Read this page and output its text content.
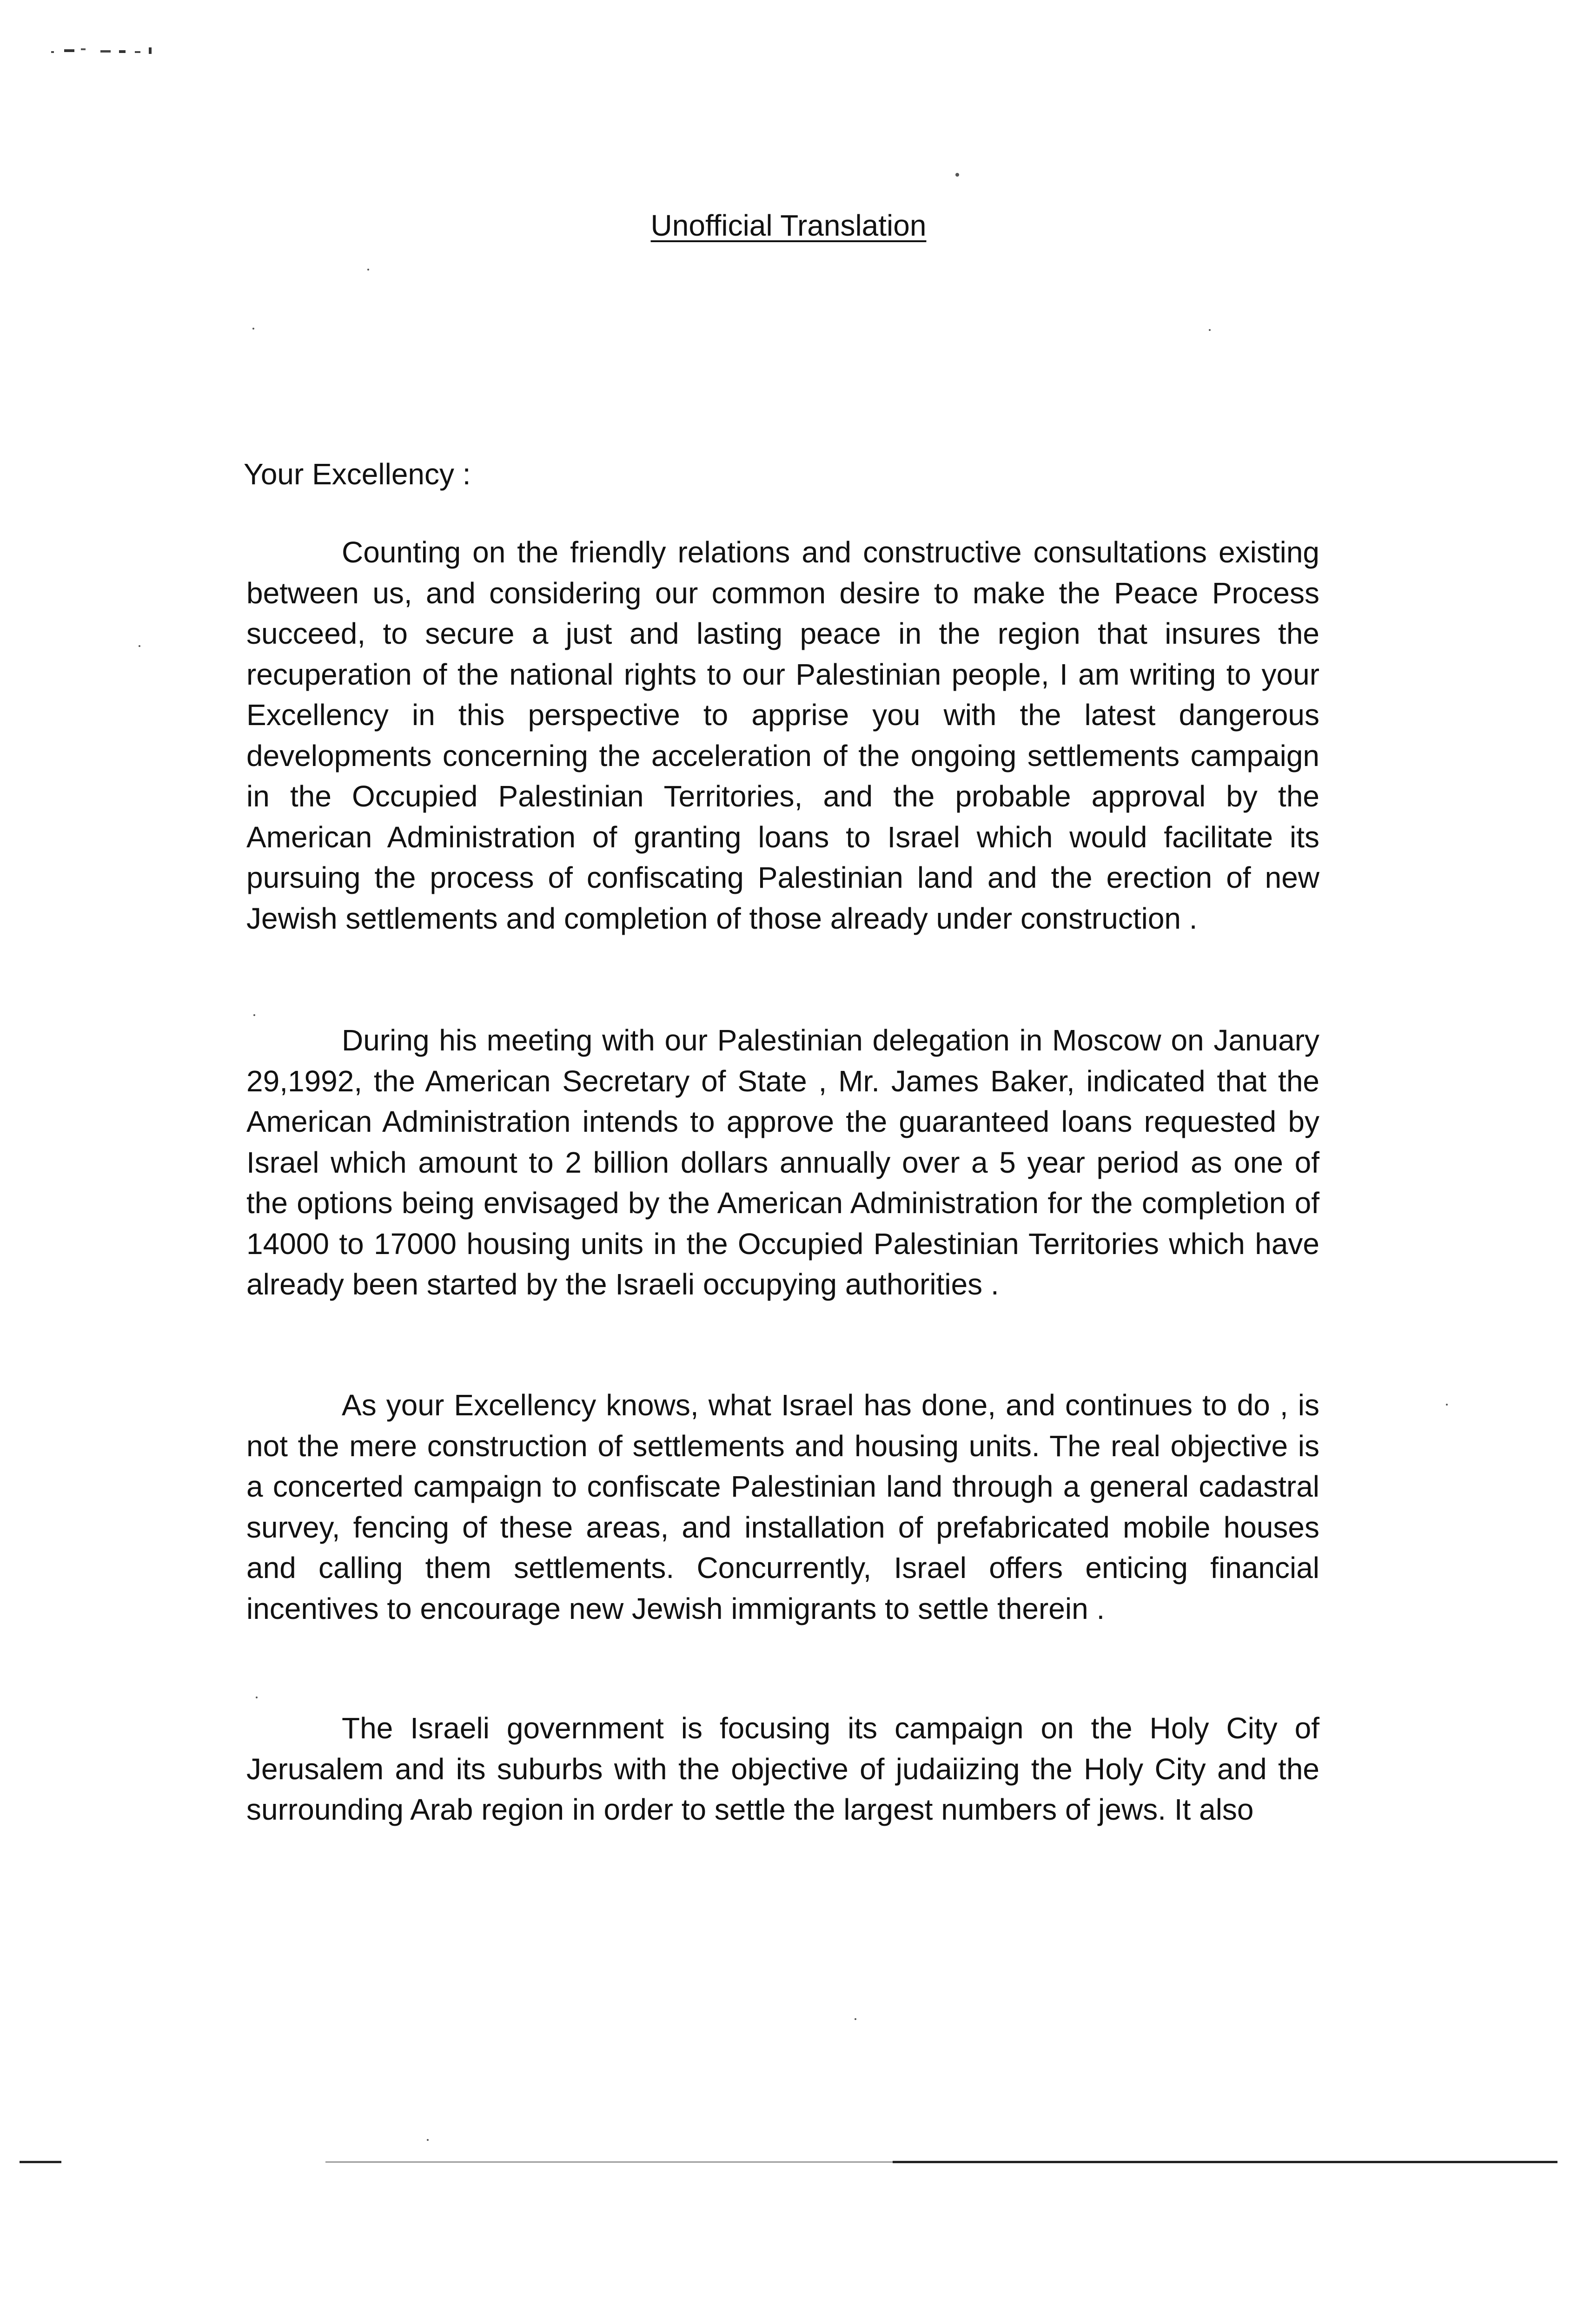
Unofficial Translation
Your Excellency :

Counting on the friendly relations and constructive consultations existing between us, and considering our common desire to make the Peace Process succeed, to secure a just and lasting peace in the region that insures the recuperation of the national rights to our Palestinian people, I am writing to your Excellency in this perspective to apprise you with the latest dangerous developments concerning the acceleration of the ongoing settlements campaign in the Occupied Palestinian Territories, and the probable approval by the American Administration of granting loans to Israel which would facilitate its pursuing the process of confiscating Palestinian land and the erection of new Jewish settlements and completion of those already under construction .

During his meeting with our Palestinian delegation in Moscow on January 29,1992, the American Secretary of State , Mr. James Baker, indicated that the American Administration intends to approve the guaranteed loans requested by Israel which amount to 2 billion dollars annually over a 5 year period as one of the options being envisaged by the American Administration for the completion of 14000 to 17000 housing units in the Occupied Palestinian Territories which have already been started by the Israeli occupying authorities .

As your Excellency knows, what Israel has done, and continues to do , is not the mere construction of settlements and housing units. The real objective is a concerted campaign to confiscate Palestinian land through a general cadastral survey, fencing of these areas, and installation of prefabricated mobile houses and calling them settlements. Concurrently, Israel offers enticing financial incentives to encourage new Jewish immigrants to settle therein .

The Israeli government is focusing its campaign on the Holy City of Jerusalem and its suburbs with the objective of judaiizing the Holy City and the surrounding Arab region in order to settle the largest numbers of jews. It also
